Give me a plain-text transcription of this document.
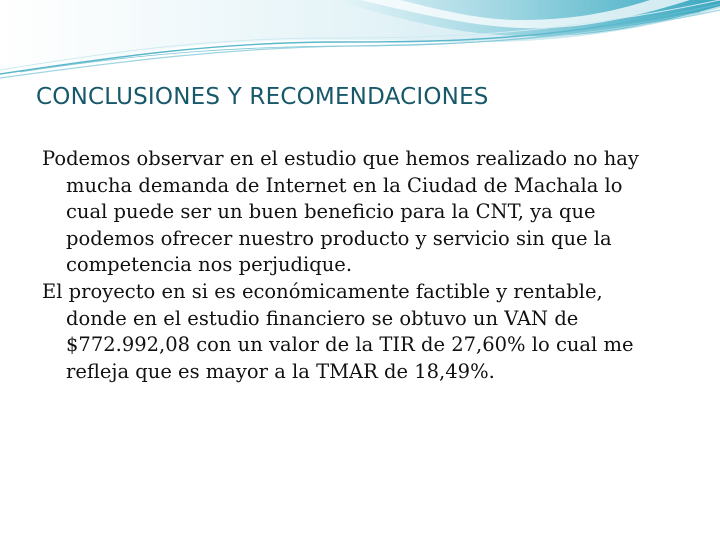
CONCLUSIONES Y RECOMENDACIONES

Podemos observar en el estudio que hemos realizado no hay mucha demanda de Internet en la Ciudad de Machala lo cual puede ser un buen beneficio para la CNT, ya que podemos ofrecer nuestro producto y servicio sin que la competencia nos perjudique.

El proyecto en si es económicamente factible y rentable, donde en el estudio financiero se obtuvo un VAN de $772.992,08 con un valor de la TIR de 27,60% lo cual me refleja que es mayor a la TMAR de 18,49%.
